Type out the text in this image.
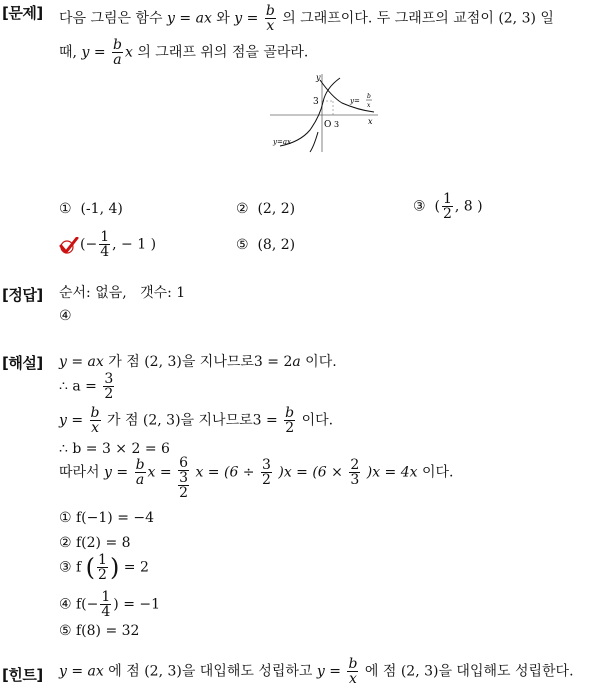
[문제]
[정답]
[해설]
[힌트]
다음 그림은 함수 y = ax 와 $y = \frac{b}{x}$ 의 그래프이다. 두 그래프의 교점이 (2, 3) 일
때, $y = \frac{b}{a}$ x 의 그래프 위의 점을 골라라.
y
3
O 3	x
y=ax
y=
b
x
① (-1, 4)	② (2, 2)	③ ( $\frac{1}{2}$ , 8 )
(− $\frac{1}{4}$ , − 1 )	⑤ (8, 2)
순서: 없음, 갯수: 1
④
y = ax 가 점 (2, 3)을 지나므로3 = 2a 이다.
∴ $a = \frac{3}{2}$
$y = \frac{b}{x}$ 가 점 (2, 3)을 지나므로$3 = \frac{b}{2}$ 이다.
∴ b = 3 × 2 = 6
따라서 $y = \frac{b}{a}$ x =
6
3
2
$x = (6 \div \frac{3}{2} )x = (6 \times \frac{2}{3} )x = 4x$ 이다.
① f(−1) = −4
② f(2) = 8
③ f ( $\frac{1}{2}$ ) = 2
④ $f(- \frac{1}{4}$ ) = −1
⑤ f(8) = 32
y = ax 에 점 (2, 3)을 대입해도 성립하고 $y = \frac{b}{x}$ 에 점 (2, 3)을 대입해도 성립한다.
